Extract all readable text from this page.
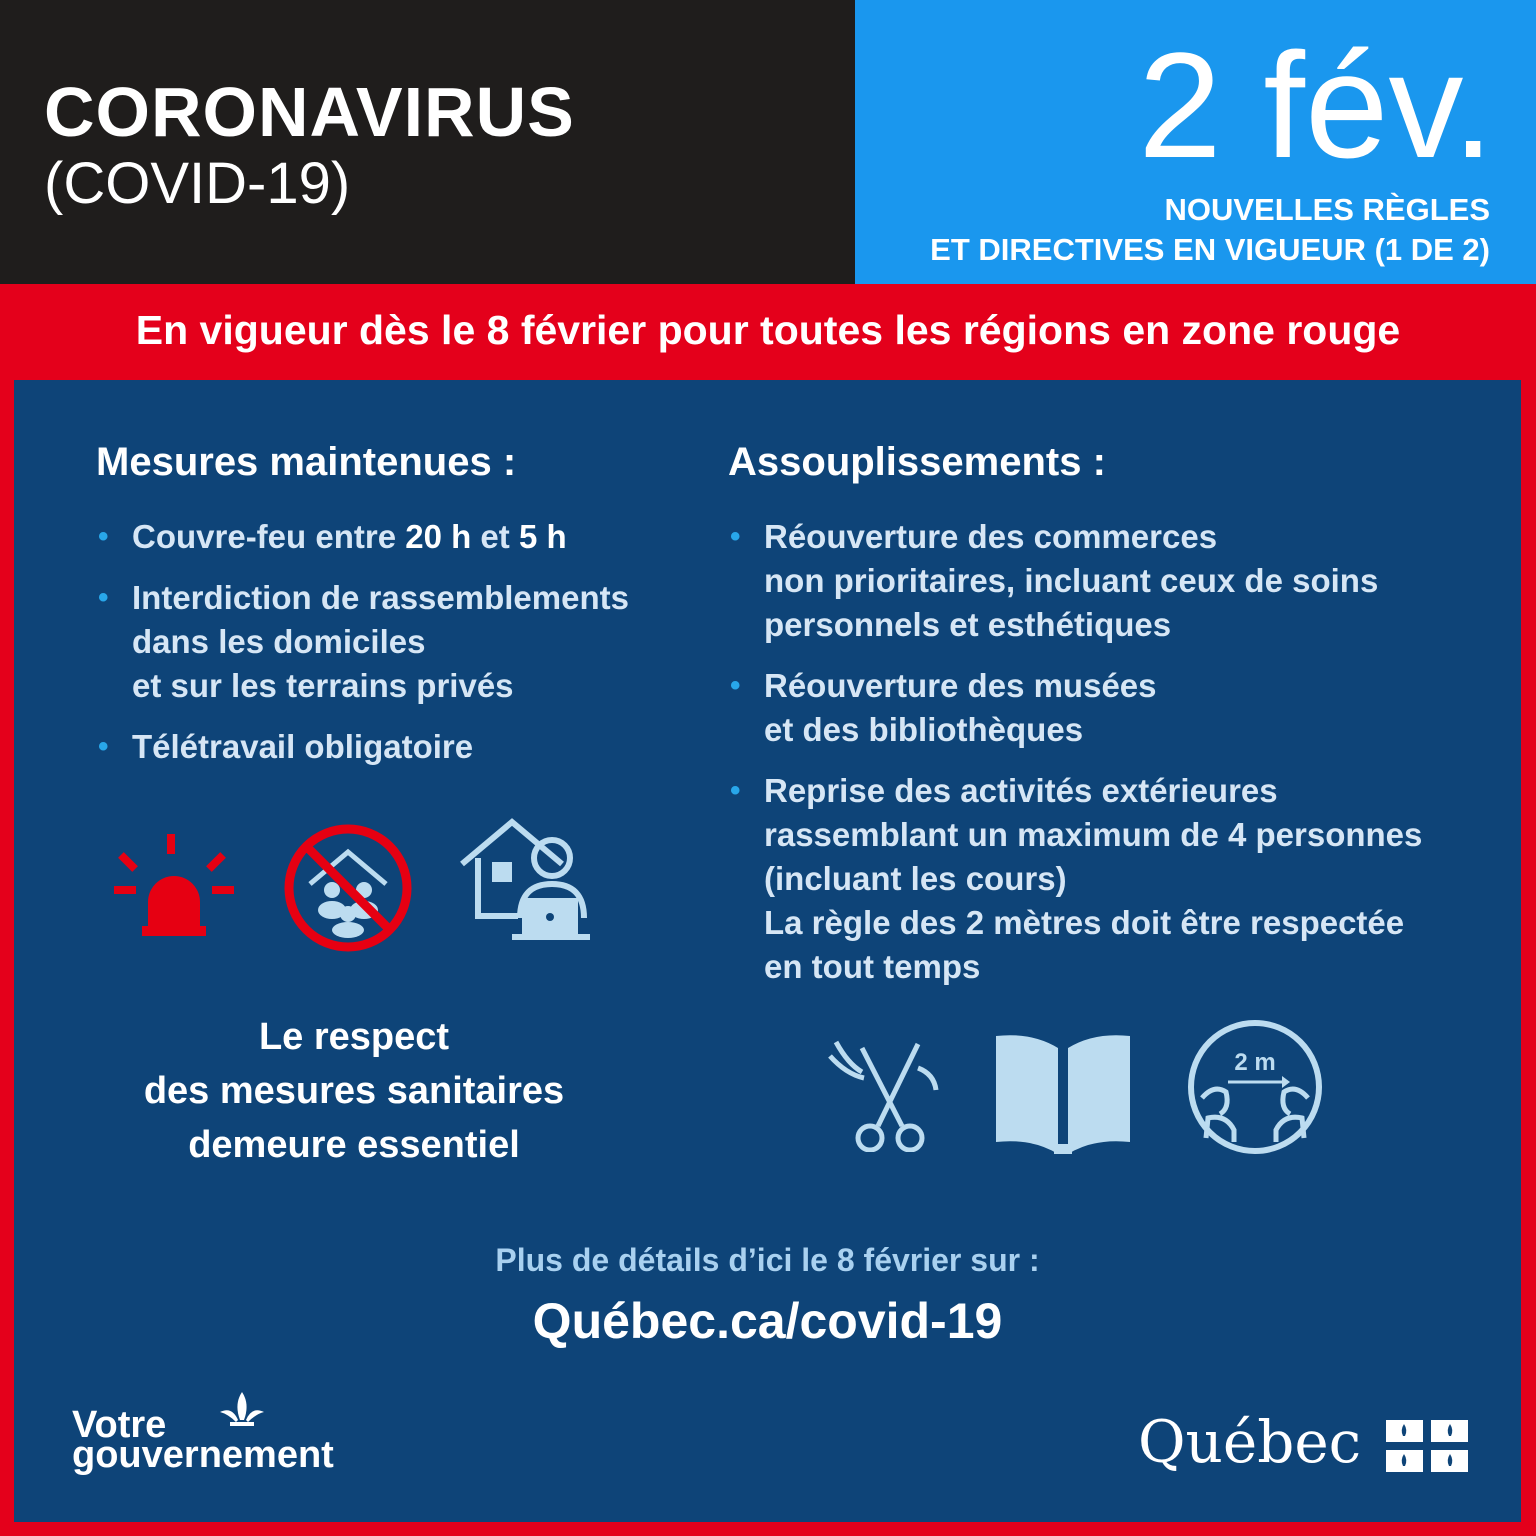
CORONAVIRUS
(COVID-19)	2 fév.
NOUVELLES RÈGLES
ET DIRECTIVES EN VIGUEUR (1 DE 2)
En vigueur dès le 8 février pour toutes les régions en zone rouge
Mesures maintenues :
• Couvre-feu entre 20 h et 5 h
• Interdiction de rassemblements
dans les domiciles
et sur les terrains privés
• Télétravail obligatoire
Le respect
des mesures sanitaires
demeure essentiel
Assouplissements :
• Réouverture des commerces
non prioritaires, incluant ceux de soins
personnels et esthétiques
• Réouverture des musées
et des bibliothèques
• Reprise des activités extérieures
rassemblant un maximum de 4 personnes
(incluant les cours)
La règle des 2 mètres doit être respectée
en tout temps
2 m
Plus de détails d’ici le 8 février sur :
Québec.ca/covid-19
Votre
gouvernement	Québec
